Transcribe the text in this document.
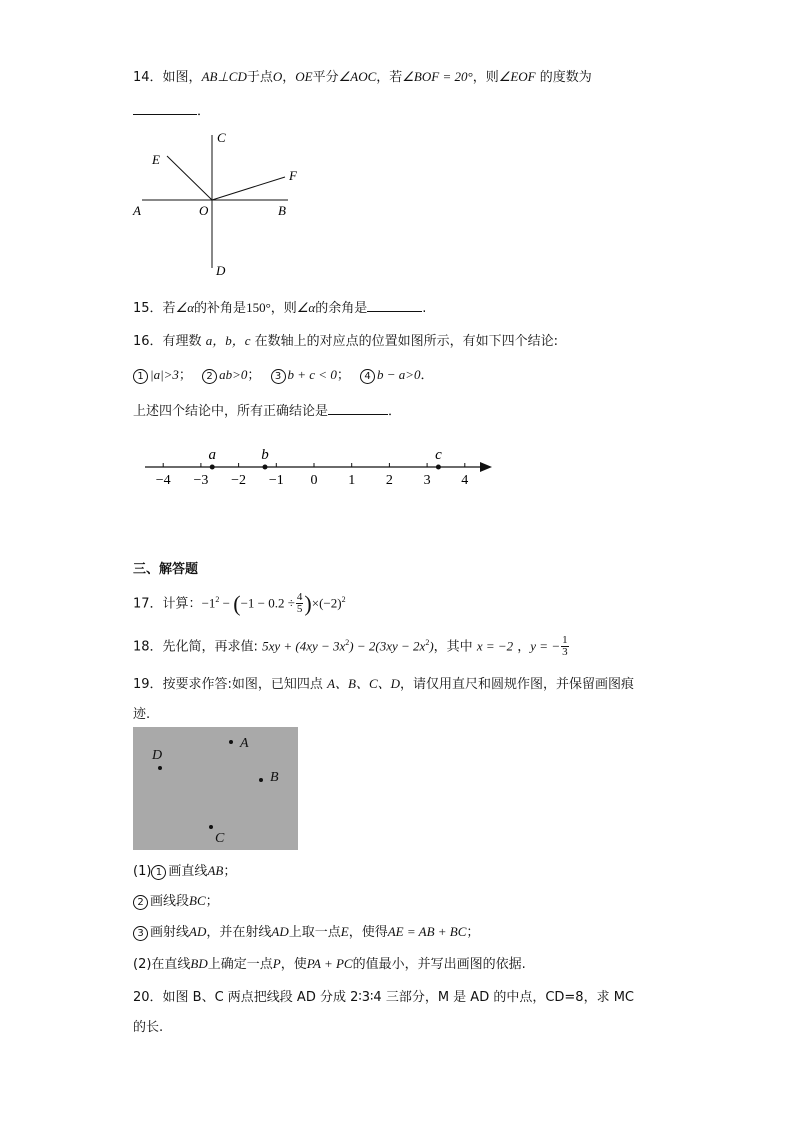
14．如图，AB⊥CD于点O，OE平分∠AOC，若∠BOF = 20°，则∠EOF 的度数为
．
C
E
F
A	O	B
D
15．若∠α的补角是150°，则∠α的余角是	.
16．有理数 a，b，c 在数轴上的对应点的位置如图所示，有如下四个结论:
1 |a|>3； 2 ab>0； 3 b + c < 0； 4 b − a>0．
上述四个结论中，所有正确结论是	．
−4 −3 −2 −1 0 1 2 3 4
a	b	c
三、解答题
17．计算：$-1^2 - (-1 - 0.2 \div \frac{4}{5} )\times(-2)^2$
18．先化简，再求值: $5xy + (4xy - 3x^2) - 2(3xy - 2x^2)$，其中 x = −2 ，y = − $\frac{1}{3}$
19．按要求作答:如图，已知四点 A、B、C、D，请仅用直尺和圆规作图，并保留画图痕
迹.
A
D
B
C
(1) 1 画直线AB；
2 画线段BC；
3 画射线AD，并在射线AD上取一点E，使得AE = AB + BC；
(2)在直线BD上确定一点P，使PA + PC的值最小，并写出画图的依据.
20．如图 B、C 两点把线段 AD 分成 2∶3∶4 三部分，M 是 AD 的中点，CD=8，求 MC
的长.
